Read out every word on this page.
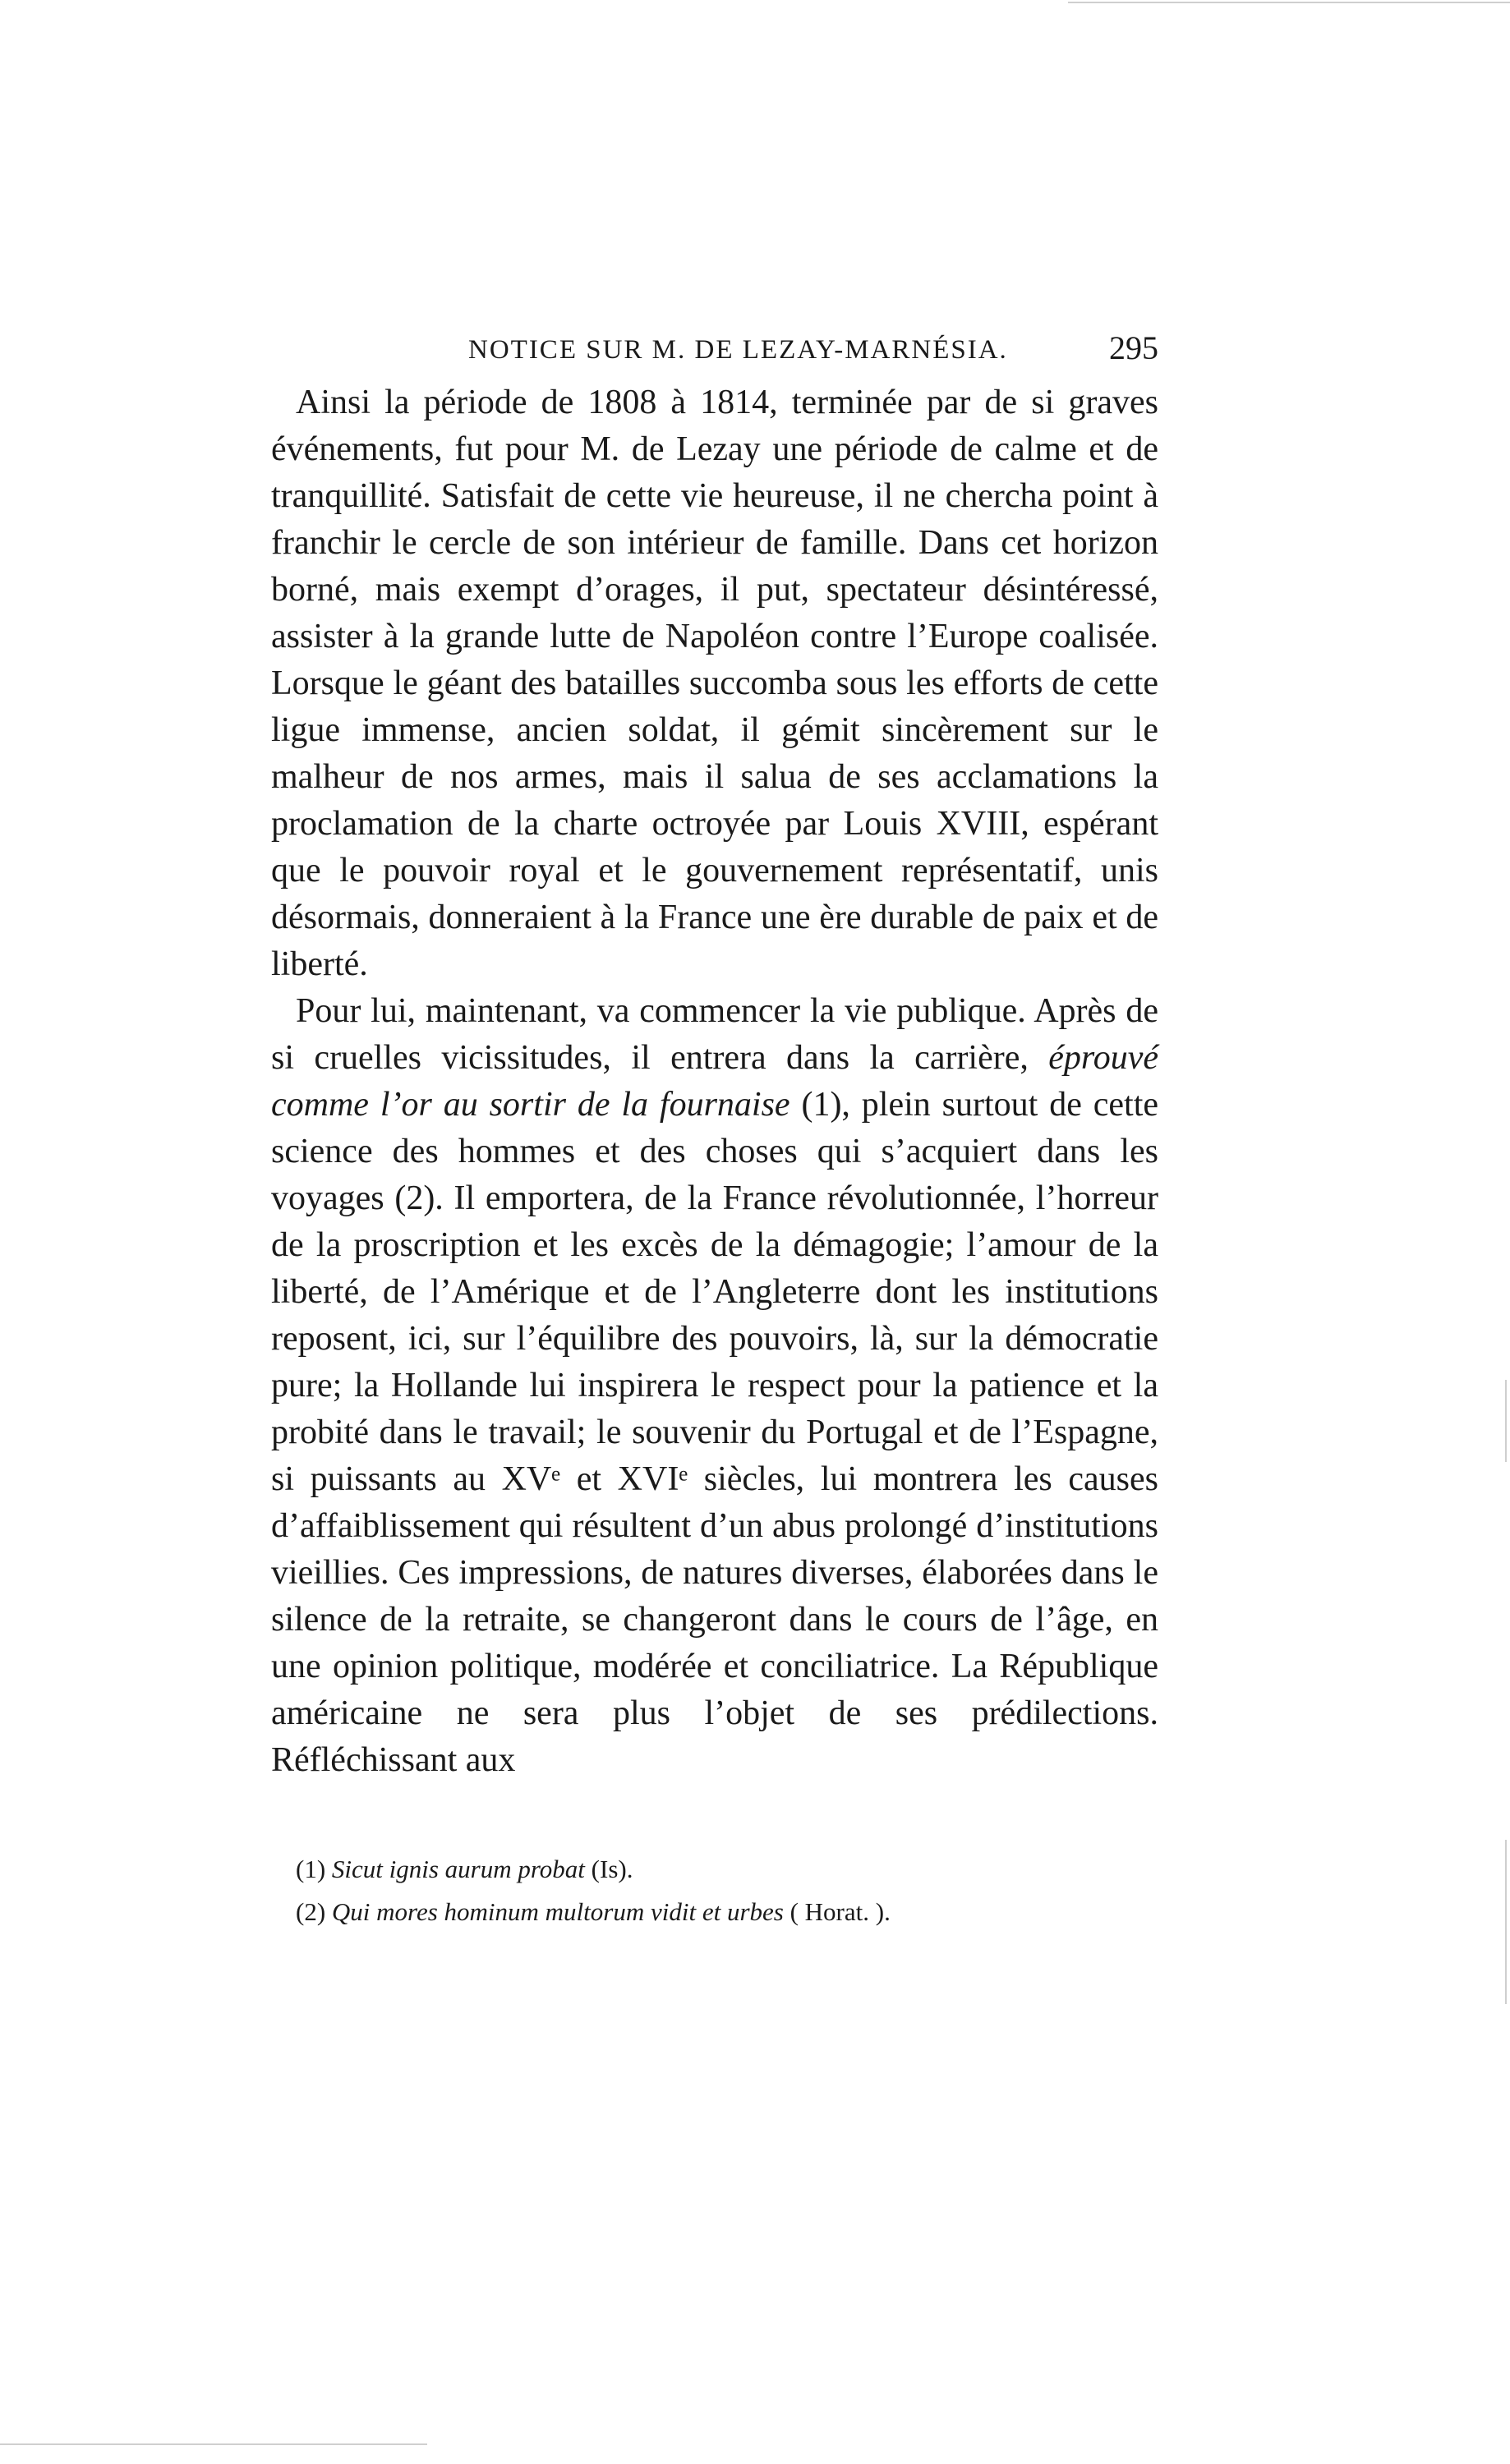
NOTICE SUR M. DE LEZAY-MARNÉSIA.	295

Ainsi la période de 1808 à 1814, terminée par de si graves événements, fut pour M. de Lezay une période de calme et de tranquillité. Satisfait de cette vie heureuse, il ne chercha point à franchir le cercle de son intérieur de famille. Dans cet horizon borné, mais exempt d’orages, il put, spectateur désintéressé, assister à la grande lutte de Napoléon contre l’Europe coalisée. Lorsque le géant des batailles succomba sous les efforts de cette ligue immense, ancien soldat, il gémit sincèrement sur le malheur de nos armes, mais il salua de ses acclamations la proclamation de la charte octroyée par Louis XVIII, espérant que le pouvoir royal et le gouvernement représentatif, unis désormais, donneraient à la France une ère durable de paix et de liberté.

Pour lui, maintenant, va commencer la vie publique. Après de si cruelles vicissitudes, il entrera dans la carrière, éprouvé comme l’or au sortir de la fournaise (1), plein surtout de cette science des hommes et des choses qui s’acquiert dans les voyages (2). Il emportera, de la France révolutionnée, l’horreur de la proscription et les excès de la démagogie; l’amour de la liberté, de l’Amérique et de l’Angleterre dont les institutions reposent, ici, sur l’équilibre des pouvoirs, là, sur la démocratie pure; la Hollande lui inspirera le respect pour la patience et la probité dans le travail; le souvenir du Portugal et de l’Espagne, si puissants au XVᵉ et XVIᵉ siècles, lui montrera les causes d’affaiblissement qui résultent d’un abus prolongé d’institutions vieillies. Ces impressions, de natures diverses, élaborées dans le silence de la retraite, se changeront dans le cours de l’âge, en une opinion politique, modérée et conciliatrice. La République américaine ne sera plus l’objet de ses prédilections. Réfléchissant aux

(1) Sicut ignis aurum probat (Is).
(2) Qui mores hominum multorum vidit et urbes ( Horat. ).
